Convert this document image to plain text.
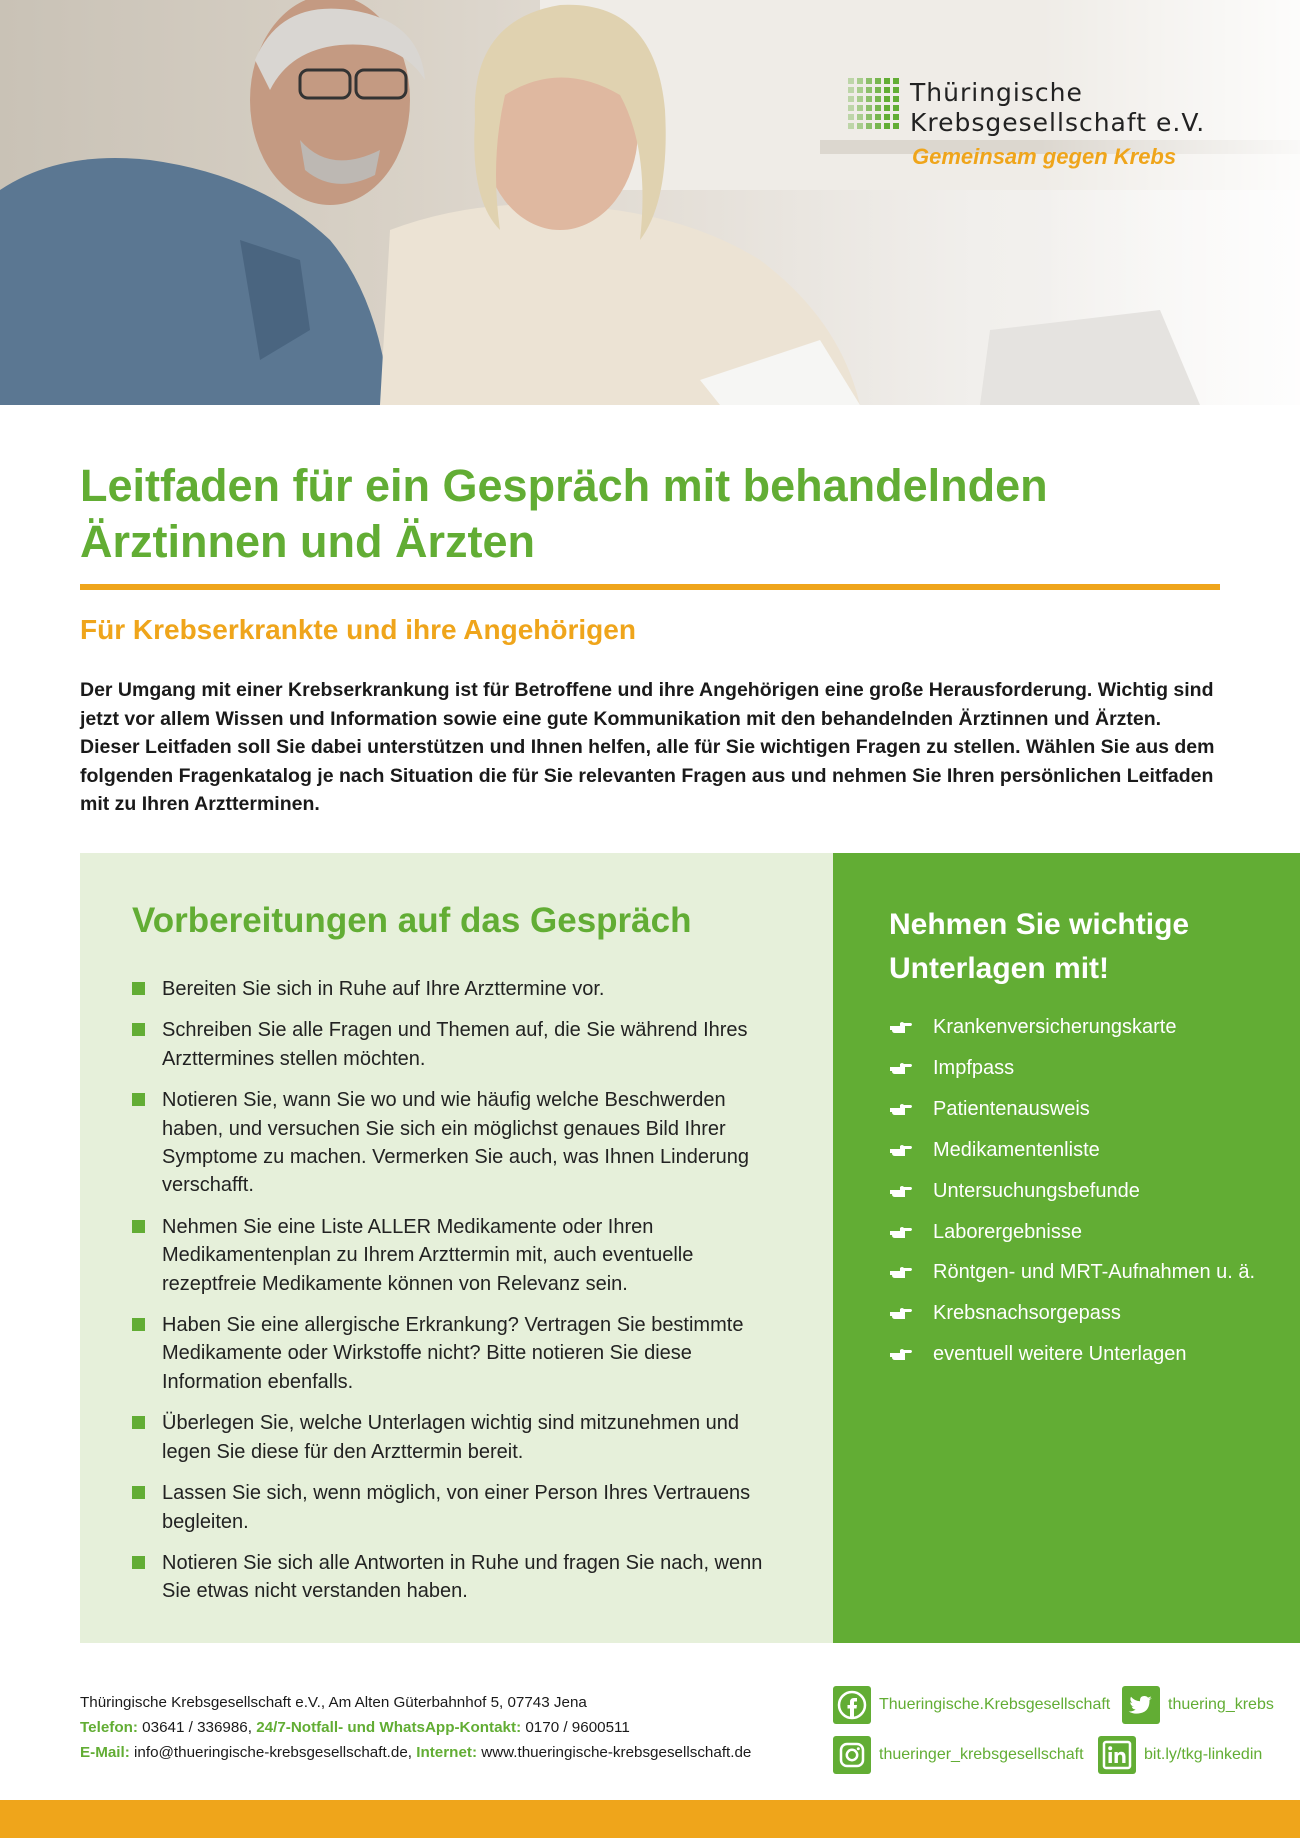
Thüringische
Krebsgesellschaft e.V.
Gemeinsam gegen Krebs
Leitfaden für ein Gespräch mit behandelnden Ärztinnen und Ärzten
Für Krebserkrankte und ihre Angehörigen

Der Umgang mit einer Krebserkrankung ist für Betroffene und ihre Angehörigen eine große Herausforderung. Wichtig sind jetzt vor allem Wissen und Information sowie eine gute Kommunikation mit den behandelnden Ärztinnen und Ärzten. Dieser Leitfaden soll Sie dabei unterstützen und Ihnen helfen, alle für Sie wichtigen Fragen zu stellen. Wählen Sie aus dem folgenden Fragenkatalog je nach Situation die für Sie relevanten Fragen aus und nehmen Sie Ihren persönlichen Leitfaden mit zu Ihren Arztterminen.

Vorbereitungen auf das Gespräch
Bereiten Sie sich in Ruhe auf Ihre Arzttermine vor.
Schreiben Sie alle Fragen und Themen auf, die Sie während Ihres Arzttermines stellen möchten.
Notieren Sie, wann Sie wo und wie häufig welche Beschwerden haben, und versuchen Sie sich ein möglichst genaues Bild Ihrer Symptome zu machen. Vermerken Sie auch, was Ihnen Linderung verschafft.
Nehmen Sie eine Liste ALLER Medikamente oder Ihren Medikamentenplan zu Ihrem Arzttermin mit, auch eventuelle rezeptfreie Medikamente können von Relevanz sein.
Haben Sie eine allergische Erkrankung? Vertragen Sie bestimmte Medikamente oder Wirkstoffe nicht? Bitte notieren Sie diese Information ebenfalls.
Überlegen Sie, welche Unterlagen wichtig sind mitzunehmen und legen Sie diese für den Arzttermin bereit.
Lassen Sie sich, wenn möglich, von einer Person Ihres Vertrauens begleiten.
Notieren Sie sich alle Antworten in Ruhe und fragen Sie nach, wenn Sie etwas nicht verstanden haben.
Nehmen Sie wichtige Unterlagen mit!
Krankenversicherungskarte
Impfpass
Patientenausweis
Medikamentenliste
Untersuchungsbefunde
Laborergebnisse
Röntgen- und MRT-Aufnahmen u. ä.
Krebsnachsorgepass
eventuell weitere Unterlagen
Thüringische Krebsgesellschaft e.V., Am Alten Güterbahnhof 5, 07743 Jena
Telefon: 03641 / 336986, 24/7-Notfall- und WhatsApp-Kontakt: 0170 / 9600511
E-Mail: info@thueringische-krebsgesellschaft.de, Internet: www.thueringische-krebsgesellschaft.de
Thueringische.Krebsgesellschaft	thuering_krebs
thueringer_krebsgesellschaft	bit.ly/tkg-linkedin
